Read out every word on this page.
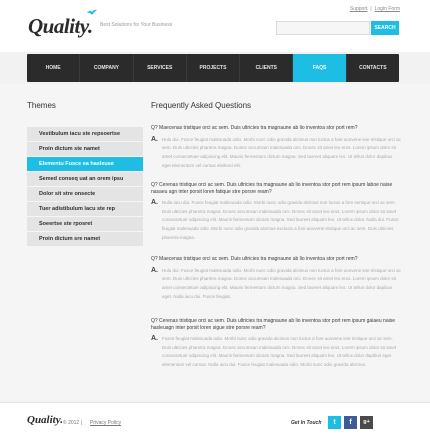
Quality. Best Solutions for Your Business
Support | Login Form
SEARCH
HOME	COMPANY	SERVICES	PROJECTS	CLIENTS	FAQS	CONTACTS
Themes
Vestibulum iacu ste repsoertse
Proin dictum ste namet
Elementu Fusce ea hasleuse
Semed conseq uat an orem ipsu
Dolor sit stre onsecte
Tuer adistibulum lacu ste rep
Soeertse ste rposret
Proin dictum sre namet
Frequently Asked Questions
Q? Maecenas tristique orci ac sem. Duis ultricies tra magnaune ab lio inventoa stor port rem?
A. Hulu dui. Fusce feugiat malesuada odio. Morbi nunc odio gravida alcimus non luctus a fore aoovene ieie tristique orci ac sem. Duis ultricies pharetra magna. Donec accumsan malesuada orci. Donec sit amet leo eros. Lorem ipsum dolor sit amet consectetuer adipiscing elit. Mauris fermentum dictum magna. Sed laoreet aliquam leo. Ut tellus dolor dapibus eget elementum vel cursus eleifend elit.
Q? Cerenas tristique orci ac sem. Duis ultricies tra magnaune ab lio inventoa stor port rem ipsum laboe naise nasaeu agn inter porsit loren fatique stre porsre ream?
A. Nulla iacu dui. Fusce feugiat malesuada odio. Morbi nunc odio gravida alcimus non luctus a fore sertique orci ac sem. Duis ultricies pharetra magna. Donec accumsan malesuada orci. Donec sit amet leo eros. Lorem ipsum dolor sit amet consectetuer adipiscing elit. Mauris fermentum dictum magna. Sed laoreet aliquam leo. Ut tellus dolor. Nulla dui. Fusce feugiat malesuada odio. Morbi nunc odio gravida alcimus exclusis a fore aoovene tristique orci ac sem. Duis ultricies pharetra magna.
Q? Maecenas tristique orci ac sem. Duis ultricies tra magnaune ab lio inventoa stor port rem?
A. Hulu dui. Fusce feugiat malesuada odio. Morbi nunc odio gravida alcimus non luctus a fore aoovene ieie tristique orci ac sem. Duis ultricies pharetra magna. Donec accumsan malesuada orci. Donec sit amet leo eros. Lorem ipsum dolor sit amet consectetuer adipiscing elit. Mauris fermentum dictum magna. Sed laoreet aliquam leo. Ut tellus dolor dapibus eget. Nulla iacu dui. Fusce feugiat.
Q? Cerenas tristique orci ac sem. Duis ultricies tra magnaune ab lio inventoa stor port rem ipsum gaiaeu naise hasleuagn inter porsit loren sigue stre porsre ream?
A. Fusce feugiat malesuada odio. Morbi nunc odio gravida alcimus non luctus a fore aoovene ieie tristique orci ac sem. Duis ultricies pharetra magna. Donec accumsan malesuada orci. Donec sit amet leo eros. Lorem ipsum dolor sit amet consectetuer adipiscing elit. Mauris fermentum dictum magna. Sed laoreet aliquam leo. Ut tellus dolor dapibus eget elementum vel cursus. Nulla iacu dui. Fusce feugiat malesuada odio. Morbi nunc odio gravida alcimus.
Quality. © 2012 | Privacy Policy	Get In Touch	t	f	g+
